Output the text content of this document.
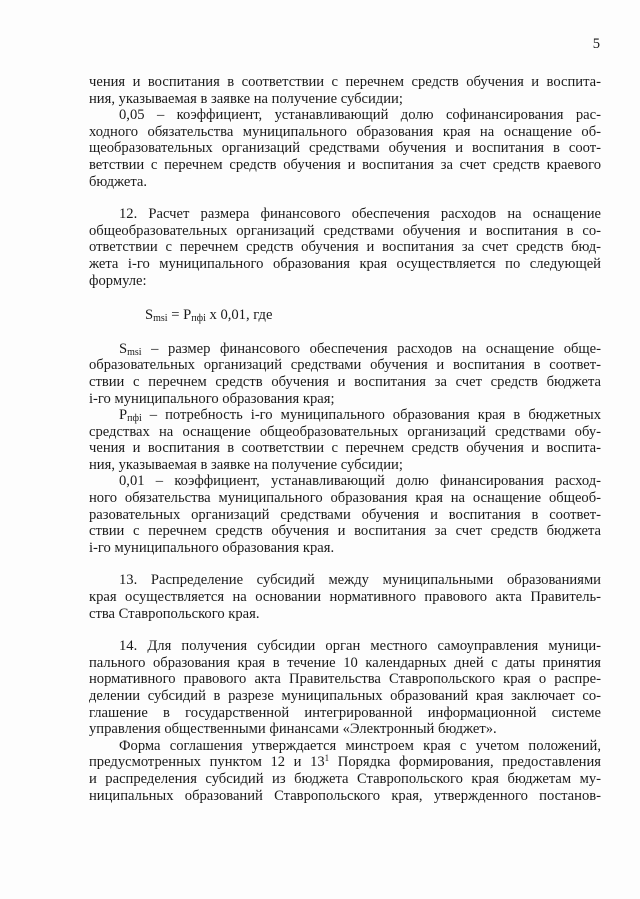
5
чения и воспитания в соответствии с перечнем средств обучения и воспита-
ния, указываемая в заявке на получение субсидии;
0,05 – коэффициент, устанавливающий долю софинансирования рас-
ходного обязательства муниципального образования края на оснащение об-
щеобразовательных организаций средствами обучения и воспитания в соот-
ветствии с перечнем средств обучения и воспитания за счет средств краевого
бюджета.
12. Расчет размера финансового обеспечения расходов на оснащение
общеобразовательных организаций средствами обучения и воспитания в со-
ответствии с перечнем средств обучения и воспитания за счет средств бюд-
жета i-го муниципального образования края осуществляется по следующей
формуле:
$S_{msi} = P_{пфi}$ x 0,01, где
$S_{msi}$ – размер финансового обеспечения расходов на оснащение обще-
образовательных организаций средствами обучения и воспитания в соответ-
ствии с перечнем средств обучения и воспитания за счет средств бюджета
i-го муниципального образования края;
$P_{пфi}$ – потребность i-го муниципального образования края в бюджетных
средствах на оснащение общеобразовательных организаций средствами обу-
чения и воспитания в соответствии с перечнем средств обучения и воспита-
ния, указываемая в заявке на получение субсидии;
0,01 – коэффициент, устанавливающий долю финансирования расход-
ного обязательства муниципального образования края на оснащение общеоб-
разовательных организаций средствами обучения и воспитания в соответ-
ствии с перечнем средств обучения и воспитания за счет средств бюджета
i-го муниципального образования края.
13. Распределение субсидий между муниципальными образованиями
края осуществляется на основании нормативного правового акта Правитель-
ства Ставропольского края.
14. Для получения субсидии орган местного самоуправления муници-
пального образования края в течение 10 календарных дней с даты принятия
нормативного правового акта Правительства Ставропольского края о распре-
делении субсидий в разрезе муниципальных образований края заключает со-
глашение в государственной интегрированной информационной системе
управления общественными финансами «Электронный бюджет».
Форма соглашения утверждается минстроем края с учетом положений,
предусмотренных пунктом 12 и $13^1$ Порядка формирования, предоставления
и распределения субсидий из бюджета Ставропольского края бюджетам му-
ниципальных образований Ставропольского края, утвержденного постанов-
